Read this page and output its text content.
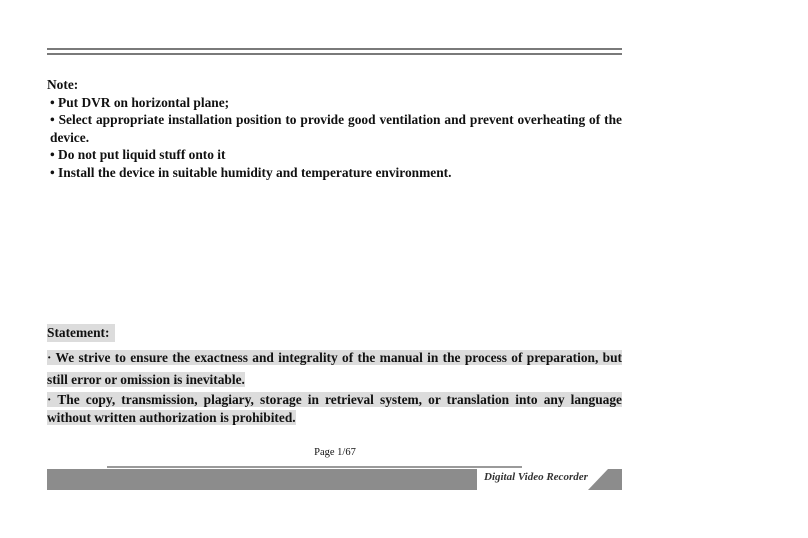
Note:

• Put DVR on horizontal plane;

• Select appropriate installation position to provide good ventilation and prevent overheating of the device.

• Do not put liquid stuff onto it

• Install the device in suitable humidity and temperature environment.

Statement:

· We strive to ensure the exactness and integrality of the manual in the process of preparation, but still error or omission is inevitable.

· The copy, transmission, plagiary, storage in retrieval system, or translation into any language without written authorization is prohibited.

Page 1/67
Digital Video Recorder
